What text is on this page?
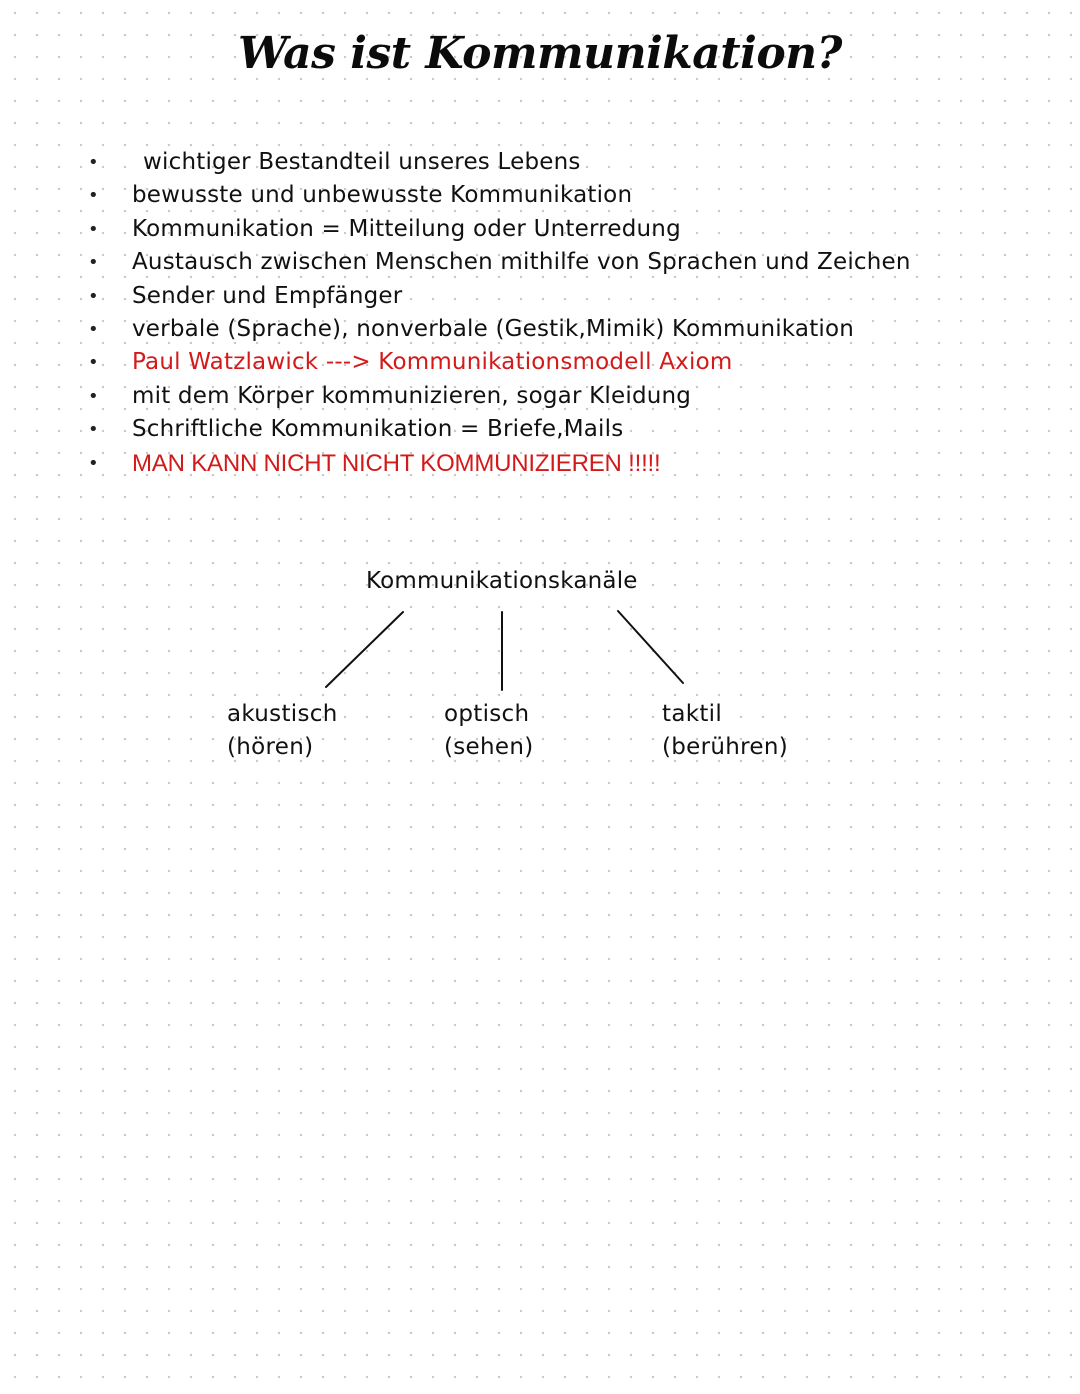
Was ist Kommunikation?
• wichtiger Bestandteil unseres Lebens
• bewusste und unbewusste Kommunikation
• Kommunikation = Mitteilung oder Unterredung
• Austausch zwischen Menschen mithilfe von Sprachen und Zeichen
• Sender und Empfänger
• verbale (Sprache), nonverbale (Gestik,Mimik) Kommunikation
• Paul Watzlawick ---> Kommunikationsmodell Axiom
• mit dem Körper kommunizieren, sogar Kleidung
• Schriftliche Kommunikation = Briefe,Mails
• MAN KANN NICHT NICHT KOMMUNIZIEREN !!!!!
Kommunikationskanäle
akustisch
(hören)
optisch
(sehen)
taktil
(berühren)
